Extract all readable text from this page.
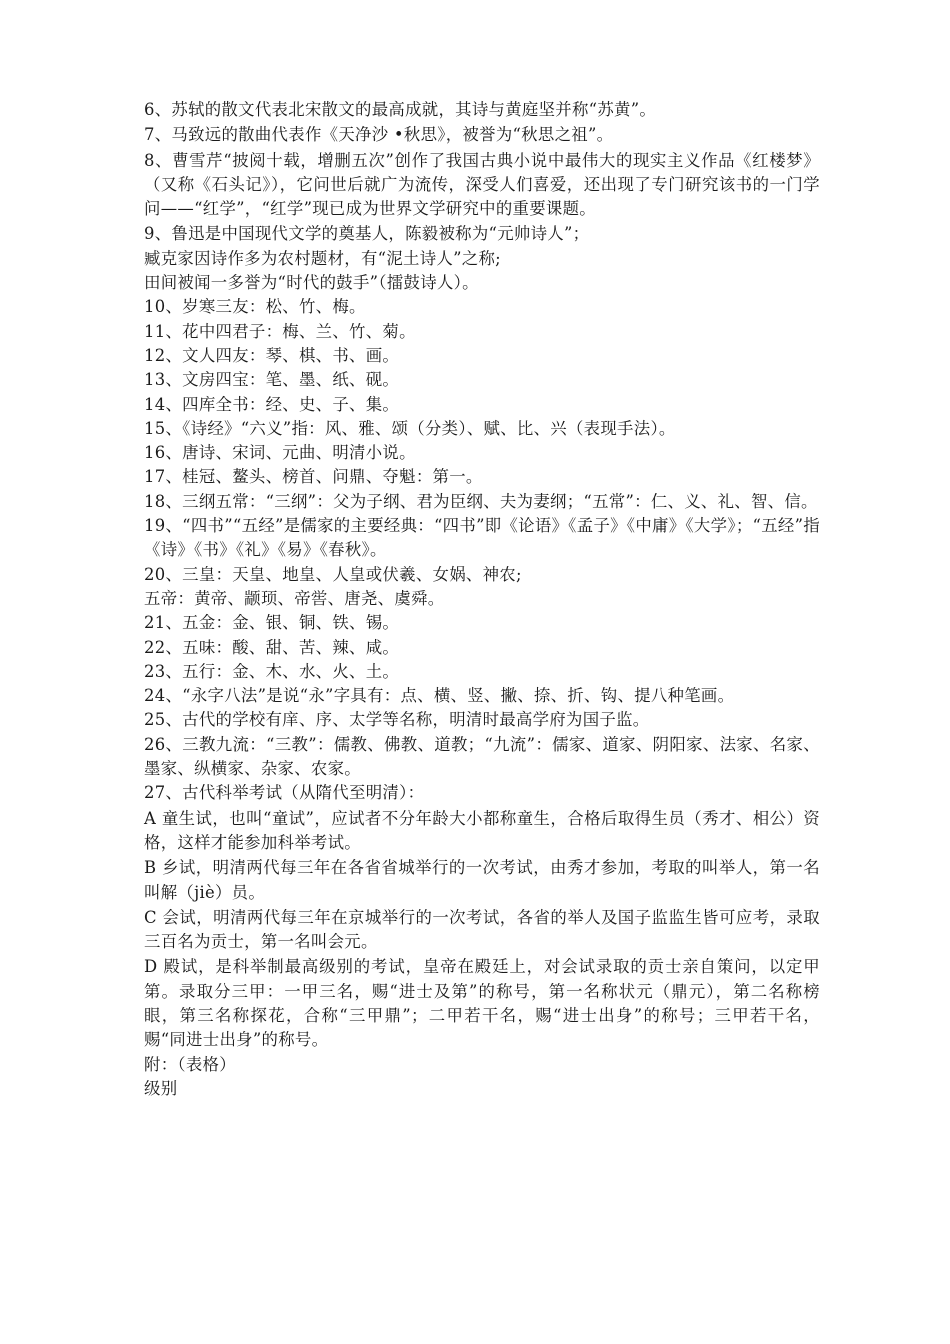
6、苏轼的散文代表北宋散文的最高成就，其诗与黄庭坚并称“苏黄”。

7、马致远的散曲代表作《天净沙 •秋思》，被誉为“秋思之祖”。

8、曹雪芹“披阅十载，增删五次”创作了我国古典小说中最伟大的现实主义作品《红楼梦》（又称《石头记》），它问世后就广为流传，深受人们喜爱，还出现了专门研究该书的一门学问——“红学”，“红学”现已成为世界文学研究中的重要课题。

9、鲁迅是中国现代文学的奠基人，陈毅被称为“元帅诗人”；

臧克家因诗作多为农村题材，有“泥土诗人”之称;

田间被闻一多誉为“时代的鼓手”（擂鼓诗人）。

10、岁寒三友：松、竹、梅。

11、花中四君子：梅、兰、竹、菊。

12、文人四友：琴、棋、书、画。

13、文房四宝：笔、墨、纸、砚。

14、四库全书：经、史、子、集。

15、《诗经》“六义”指：风、雅、颂（分类）、赋、比、兴（表现手法）。

16、唐诗、宋词、元曲、明清小说。

17、桂冠、鳌头、榜首、问鼎、夺魁：第一。

18、三纲五常：“三纲”：父为子纲、君为臣纲、夫为妻纲；“五常”：仁、义、礼、智、信。

19、“四书”“五经”是儒家的主要经典：“四书”即《论语》《孟子》《中庸》《大学》；“五经”指《诗》《书》《礼》《易》《春秋》。

20、三皇：天皇、地皇、人皇或伏羲、女娲、神农;

五帝：黄帝、颛顼、帝喾、唐尧、虞舜。

21、五金：金、银、铜、铁、锡。

22、五味：酸、甜、苦、辣、咸。

23、五行：金、木、水、火、土。

24、“永字八法”是说“永”字具有：点、横、竖、撇、捺、折、钩、提八种笔画。

25、古代的学校有庠、序、太学等名称，明清时最高学府为国子监。

26、三教九流：“三教”：儒教、佛教、道教；“九流”：儒家、道家、阴阳家、法家、名家、墨家、纵横家、杂家、农家。

27、古代科举考试（从隋代至明清）：

A 童生试，也叫“童试”，应试者不分年龄大小都称童生，合格后取得生员（秀才、相公）资格，这样才能参加科举考试。

B 乡试，明清两代每三年在各省省城举行的一次考试，由秀才参加，考取的叫举人，第一名叫解（jiè）员。

C 会试，明清两代每三年在京城举行的一次考试，各省的举人及国子监监生皆可应考，录取三百名为贡士，第一名叫会元。

D 殿试，是科举制最高级别的考试，皇帝在殿廷上，对会试录取的贡士亲自策问，以定甲第。录取分三甲：一甲三名，赐“进士及第”的称号，第一名称状元（鼎元），第二名称榜眼，第三名称探花，合称“三甲鼎”；二甲若干名，赐“进士出身”的称号；三甲若干名，赐“同进士出身”的称号。

附：（表格）

级别
